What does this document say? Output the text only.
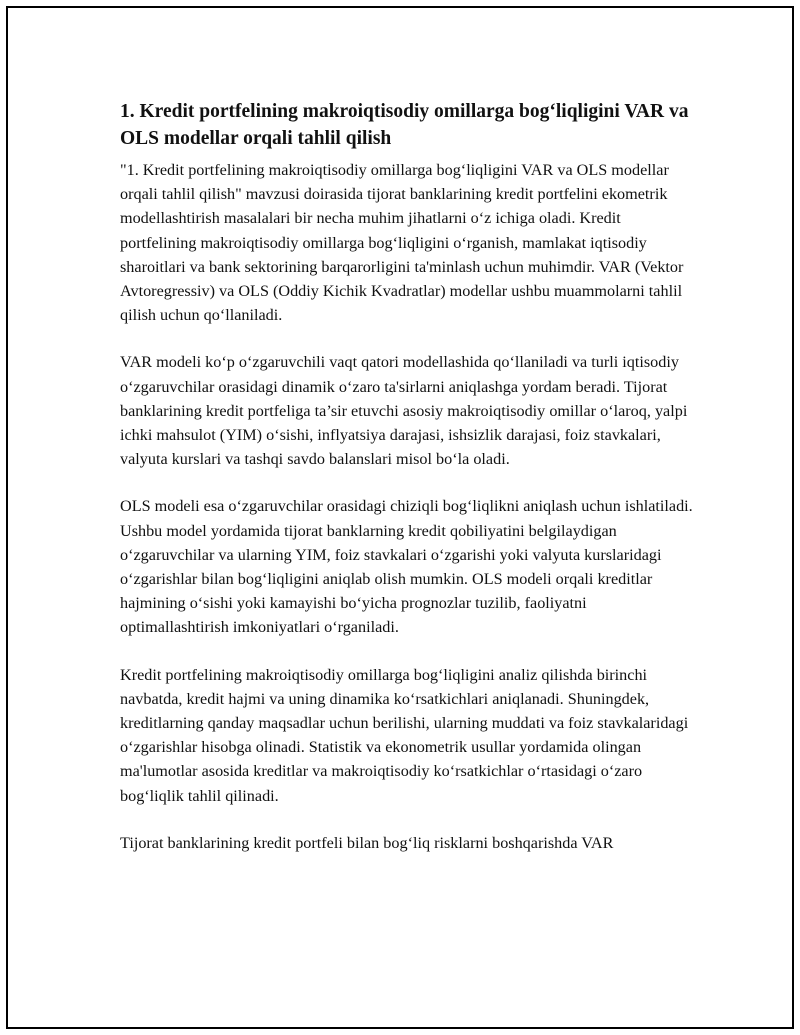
1. Kredit portfelining makroiqtisodiy omillarga bog‘liqligini VAR va OLS modellar orqali tahlil qilish

"1. Kredit portfelining makroiqtisodiy omillarga bog‘liqligini VAR va OLS modellar orqali tahlil qilish" mavzusi doirasida tijorat banklarining kredit portfelini ekometrik modellashtirish masalalari bir necha muhim jihatlarni o‘z ichiga oladi. Kredit portfelining makroiqtisodiy omillarga bog‘liqligini o‘rganish, mamlakat iqtisodiy sharoitlari va bank sektorining barqarorligini ta'minlash uchun muhimdir. VAR (Vektor Avtoregressiv) va OLS (Oddiy Kichik Kvadratlar) modellar ushbu muammolarni tahlil qilish uchun qo‘llaniladi.

VAR modeli ko‘p o‘zgaruvchili vaqt qatori modellashida qo‘llaniladi va turli iqtisodiy o‘zgaruvchilar orasidagi dinamik o‘zaro ta'sirlarni aniqlashga yordam beradi. Tijorat banklarining kredit portfeliga ta’sir etuvchi asosiy makroiqtisodiy omillar o‘laroq, yalpi ichki mahsulot (YIM) o‘sishi, inflyatsiya darajasi, ishsizlik darajasi, foiz stavkalari, valyuta kurslari va tashqi savdo balanslari misol bo‘la oladi.

OLS modeli esa o‘zgaruvchilar orasidagi chiziqli bog‘liqlikni aniqlash uchun ishlatiladi. Ushbu model yordamida tijorat banklarning kredit qobiliyatini belgilaydigan o‘zgaruvchilar va ularning YIM, foiz stavkalari o‘zgarishi yoki valyuta kurslaridagi o‘zgarishlar bilan bog‘liqligini aniqlab olish mumkin. OLS modeli orqali kreditlar hajmining o‘sishi yoki kamayishi bo‘yicha prognozlar tuzilib, faoliyatni optimallashtirish imkoniyatlari o‘rganiladi.

Kredit portfelining makroiqtisodiy omillarga bog‘liqligini analiz qilishda birinchi navbatda, kredit hajmi va uning dinamika ko‘rsatkichlari aniqlanadi. Shuningdek, kreditlarning qanday maqsadlar uchun berilishi, ularning muddati va foiz stavkalaridagi o‘zgarishlar hisobga olinadi. Statistik va ekonometrik usullar yordamida olingan ma'lumotlar asosida kreditlar va makroiqtisodiy ko‘rsatkichlar o‘rtasidagi o‘zaro bog‘liqlik tahlil qilinadi.

Tijorat banklarining kredit portfeli bilan bog‘liq risklarni boshqarishda VAR
